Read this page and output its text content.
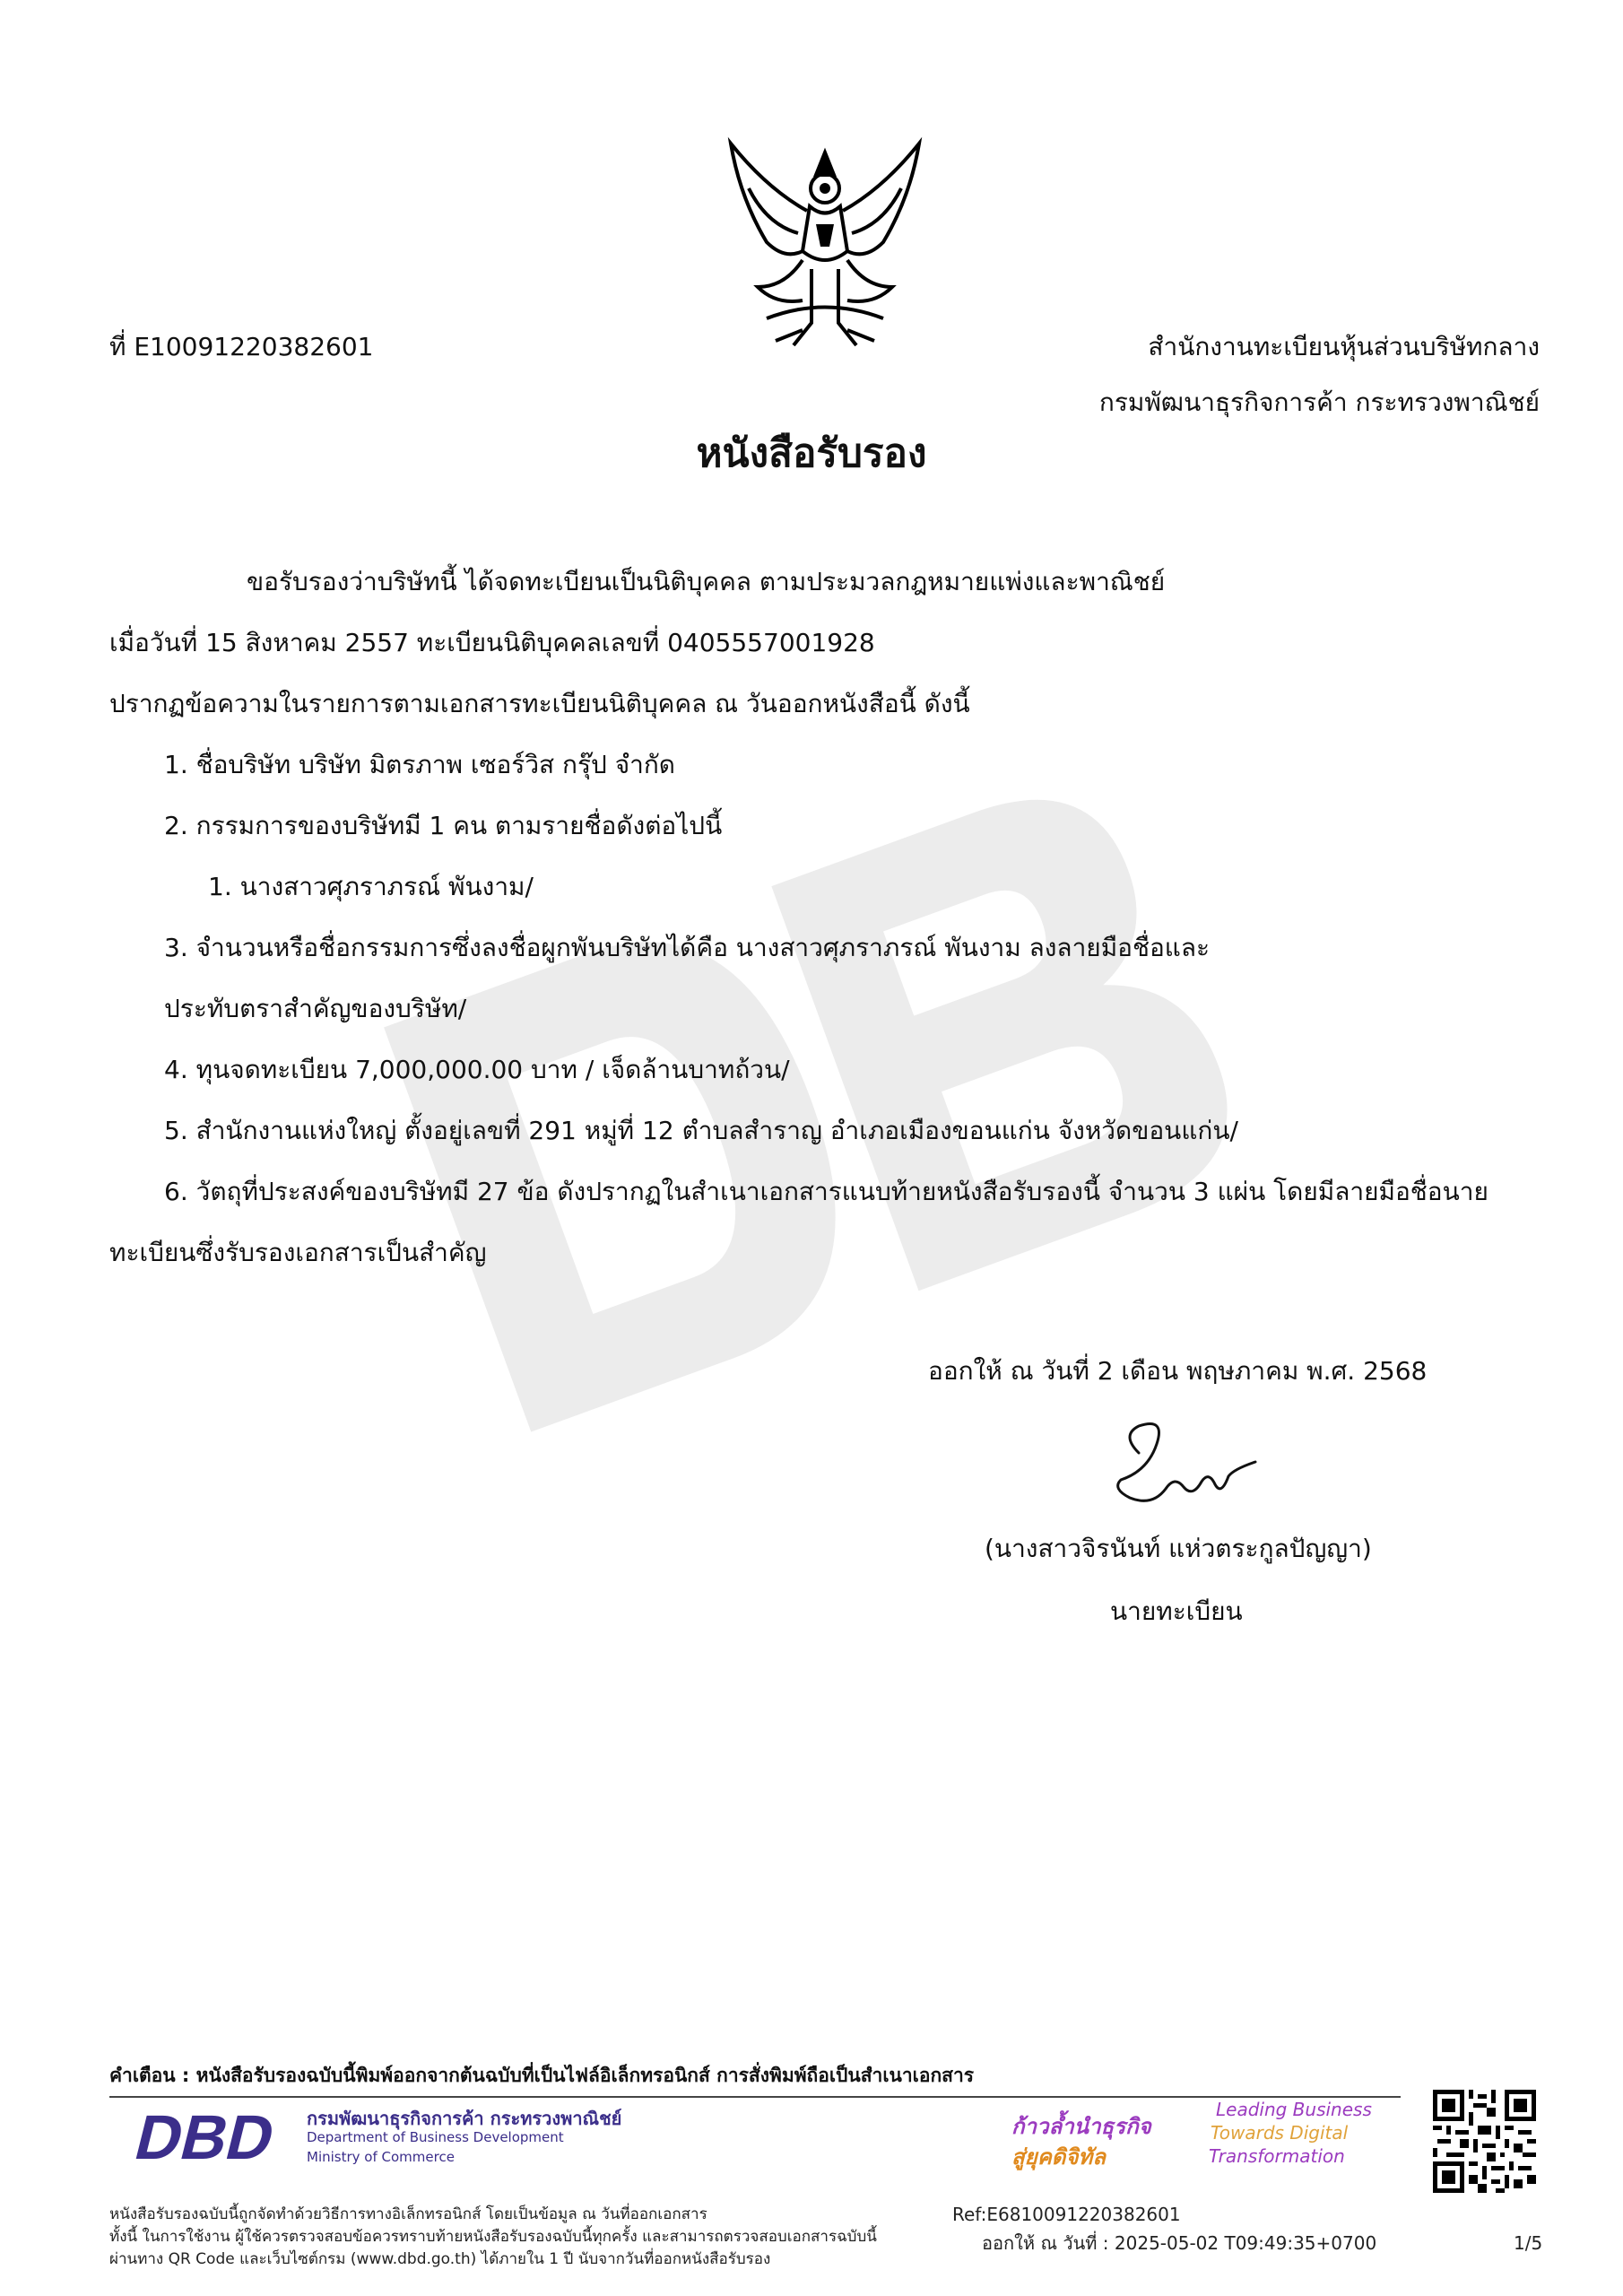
ที่ E10091220382601	สำนักงานทะเบียนหุ้นส่วนบริษัทกลาง
กรมพัฒนาธุรกิจการค้า กระทรวงพาณิชย์
หนังสือรับรอง
ขอรับรองว่าบริษัทนี้ ได้จดทะเบียนเป็นนิติบุคคล ตามประมวลกฎหมายแพ่งและพาณิชย์
เมื่อวันที่ 15 สิงหาคม 2557 ทะเบียนนิติบุคคลเลขที่ 0405557001928
ปรากฏข้อความในรายการตามเอกสารทะเบียนนิติบุคคล ณ วันออกหนังสือนี้ ดังนี้
1. ชื่อบริษัท บริษัท มิตรภาพ เซอร์วิส กรุ๊ป จำกัด
2. กรรมการของบริษัทมี 1 คน ตามรายชื่อดังต่อไปนี้
1. นางสาวศุภราภรณ์ พันงาม/
3. จำนวนหรือชื่อกรรมการซึ่งลงชื่อผูกพันบริษัทได้คือ นางสาวศุภราภรณ์ พันงาม ลงลายมือชื่อและ
ประทับตราสำคัญของบริษัท/
4. ทุนจดทะเบียน 7,000,000.00 บาท / เจ็ดล้านบาทถ้วน/
5. สำนักงานแห่งใหญ่ ตั้งอยู่เลขที่ 291 หมู่ที่ 12 ตำบลสำราญ อำเภอเมืองขอนแก่น จังหวัดขอนแก่น/
6. วัตถุที่ประสงค์ของบริษัทมี 27 ข้อ ดังปรากฏในสำเนาเอกสารแนบท้ายหนังสือรับรองนี้ จำนวน 3 แผ่น โดยมีลายมือชื่อนาย
ทะเบียนซึ่งรับรองเอกสารเป็นสำคัญ
ออกให้ ณ วันที่ 2 เดือน พฤษภาคม พ.ศ. 2568
(นางสาวจิรนันท์ แห่วตระกูลปัญญา)
นายทะเบียน
คำเตือน : หนังสือรับรองฉบับนี้พิมพ์ออกจากต้นฉบับที่เป็นไฟล์อิเล็กทรอนิกส์ การสั่งพิมพ์ถือเป็นสำเนาเอกสาร
DBD กรมพัฒนาธุรกิจการค้า กระทรวงพาณิชย์
Department of Business Development
Ministry of Commerce
ก้าวล้ำนำธุรกิจ
สู่ยุคดิจิทัล
Leading Business
Towards Digital
Transformation
หนังสือรับรองฉบับนี้ถูกจัดทำด้วยวิธีการทางอิเล็กทรอนิกส์ โดยเป็นข้อมูล ณ วันที่ออกเอกสาร
ทั้งนี้ ในการใช้งาน ผู้ใช้ควรตรวจสอบข้อควรทราบท้ายหนังสือรับรองฉบับนี้ทุกครั้ง และสามารถตรวจสอบเอกสารฉบับนี้
ผ่านทาง QR Code และเว็บไซต์กรม (www.dbd.go.th) ได้ภายใน 1 ปี นับจากวันที่ออกหนังสือรับรอง
Ref:E6810091220382601
ออกให้ ณ วันที่ : 2025-05-02 T09:49:35+0700	1/5
